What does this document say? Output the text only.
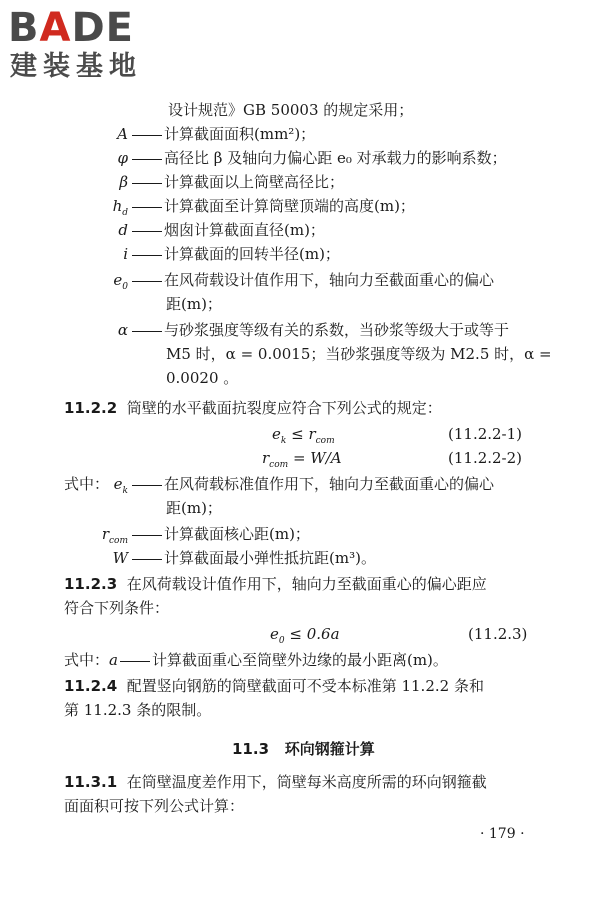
BADE
建装基地
设计规范》GB 50003 的规定采用；
A	计算截面面积(mm²)；
φ	高径比 β 及轴向力偏心距 e₀ 对承载力的影响系数；
β	计算截面以上筒壁高径比；
$h_d$	计算截面至计算筒壁顶端的高度(m)；
d	烟囱计算截面直径(m)；
i	计算截面的回转半径(m)；
$e_0$	在风荷载设计值作用下，轴向力至截面重心的偏心
距(m)；
α	与砂浆强度等级有关的系数，当砂浆等级大于或等于
M5 时，α = 0.0015；当砂浆强度等级为 M2.5 时，α =
0.0020 。
11.2.2 筒壁的水平截面抗裂度应符合下列公式的规定：
$e_k \le r_{com}$	(11.2.2-1)
$r_{com} = W/A$	(11.2.2-2)
式中： $e_k$	在风荷载标准值作用下，轴向力至截面重心的偏心
距(m)；
$r_{com}$	计算截面核心距(m)；
W	计算截面最小弹性抵抗距(m³)。
11.2.3 在风荷载设计值作用下，轴向力至截面重心的偏心距应
符合下列条件：
$e_0 \le 0.6a$	(11.2.3)
式中：a 计算截面重心至筒壁外边缘的最小距离(m)。
11.2.4 配置竖向钢筋的筒壁截面可不受本标准第 11.2.2 条和
第 11.2.3 条的限制。
11.3 环向钢箍计算
11.3.1 在筒壁温度差作用下，筒壁每米高度所需的环向钢箍截
面面积可按下列公式计算：
· 179 ·
